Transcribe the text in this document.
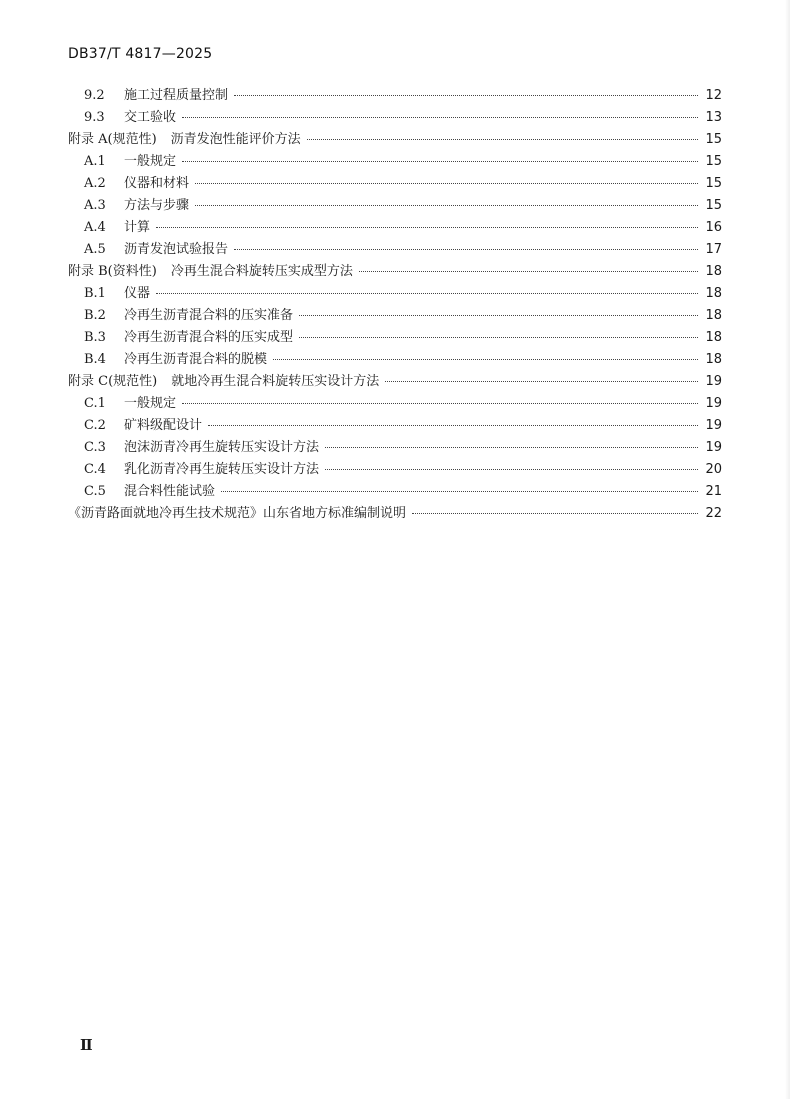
DB37/T 4817—2025
9.2	施工过程质量控制	12
9.3	交工验收	13
附录 A(规范性) 沥青发泡性能评价方法	15
A.1	一般规定	15
A.2	仪器和材料	15
A.3	方法与步骤	15
A.4	计算	16
A.5	沥青发泡试验报告	17
附录 B(资料性) 冷再生混合料旋转压实成型方法	18
B.1	仪器	18
B.2	冷再生沥青混合料的压实准备	18
B.3	冷再生沥青混合料的压实成型	18
B.4	冷再生沥青混合料的脱模	18
附录 C(规范性) 就地冷再生混合料旋转压实设计方法	19
C.1	一般规定	19
C.2	矿料级配设计	19
C.3	泡沫沥青冷再生旋转压实设计方法	19
C.4	乳化沥青冷再生旋转压实设计方法	20
C.5	混合料性能试验	21
《沥青路面就地冷再生技术规范》山东省地方标准编制说明	22
Ⅱ
